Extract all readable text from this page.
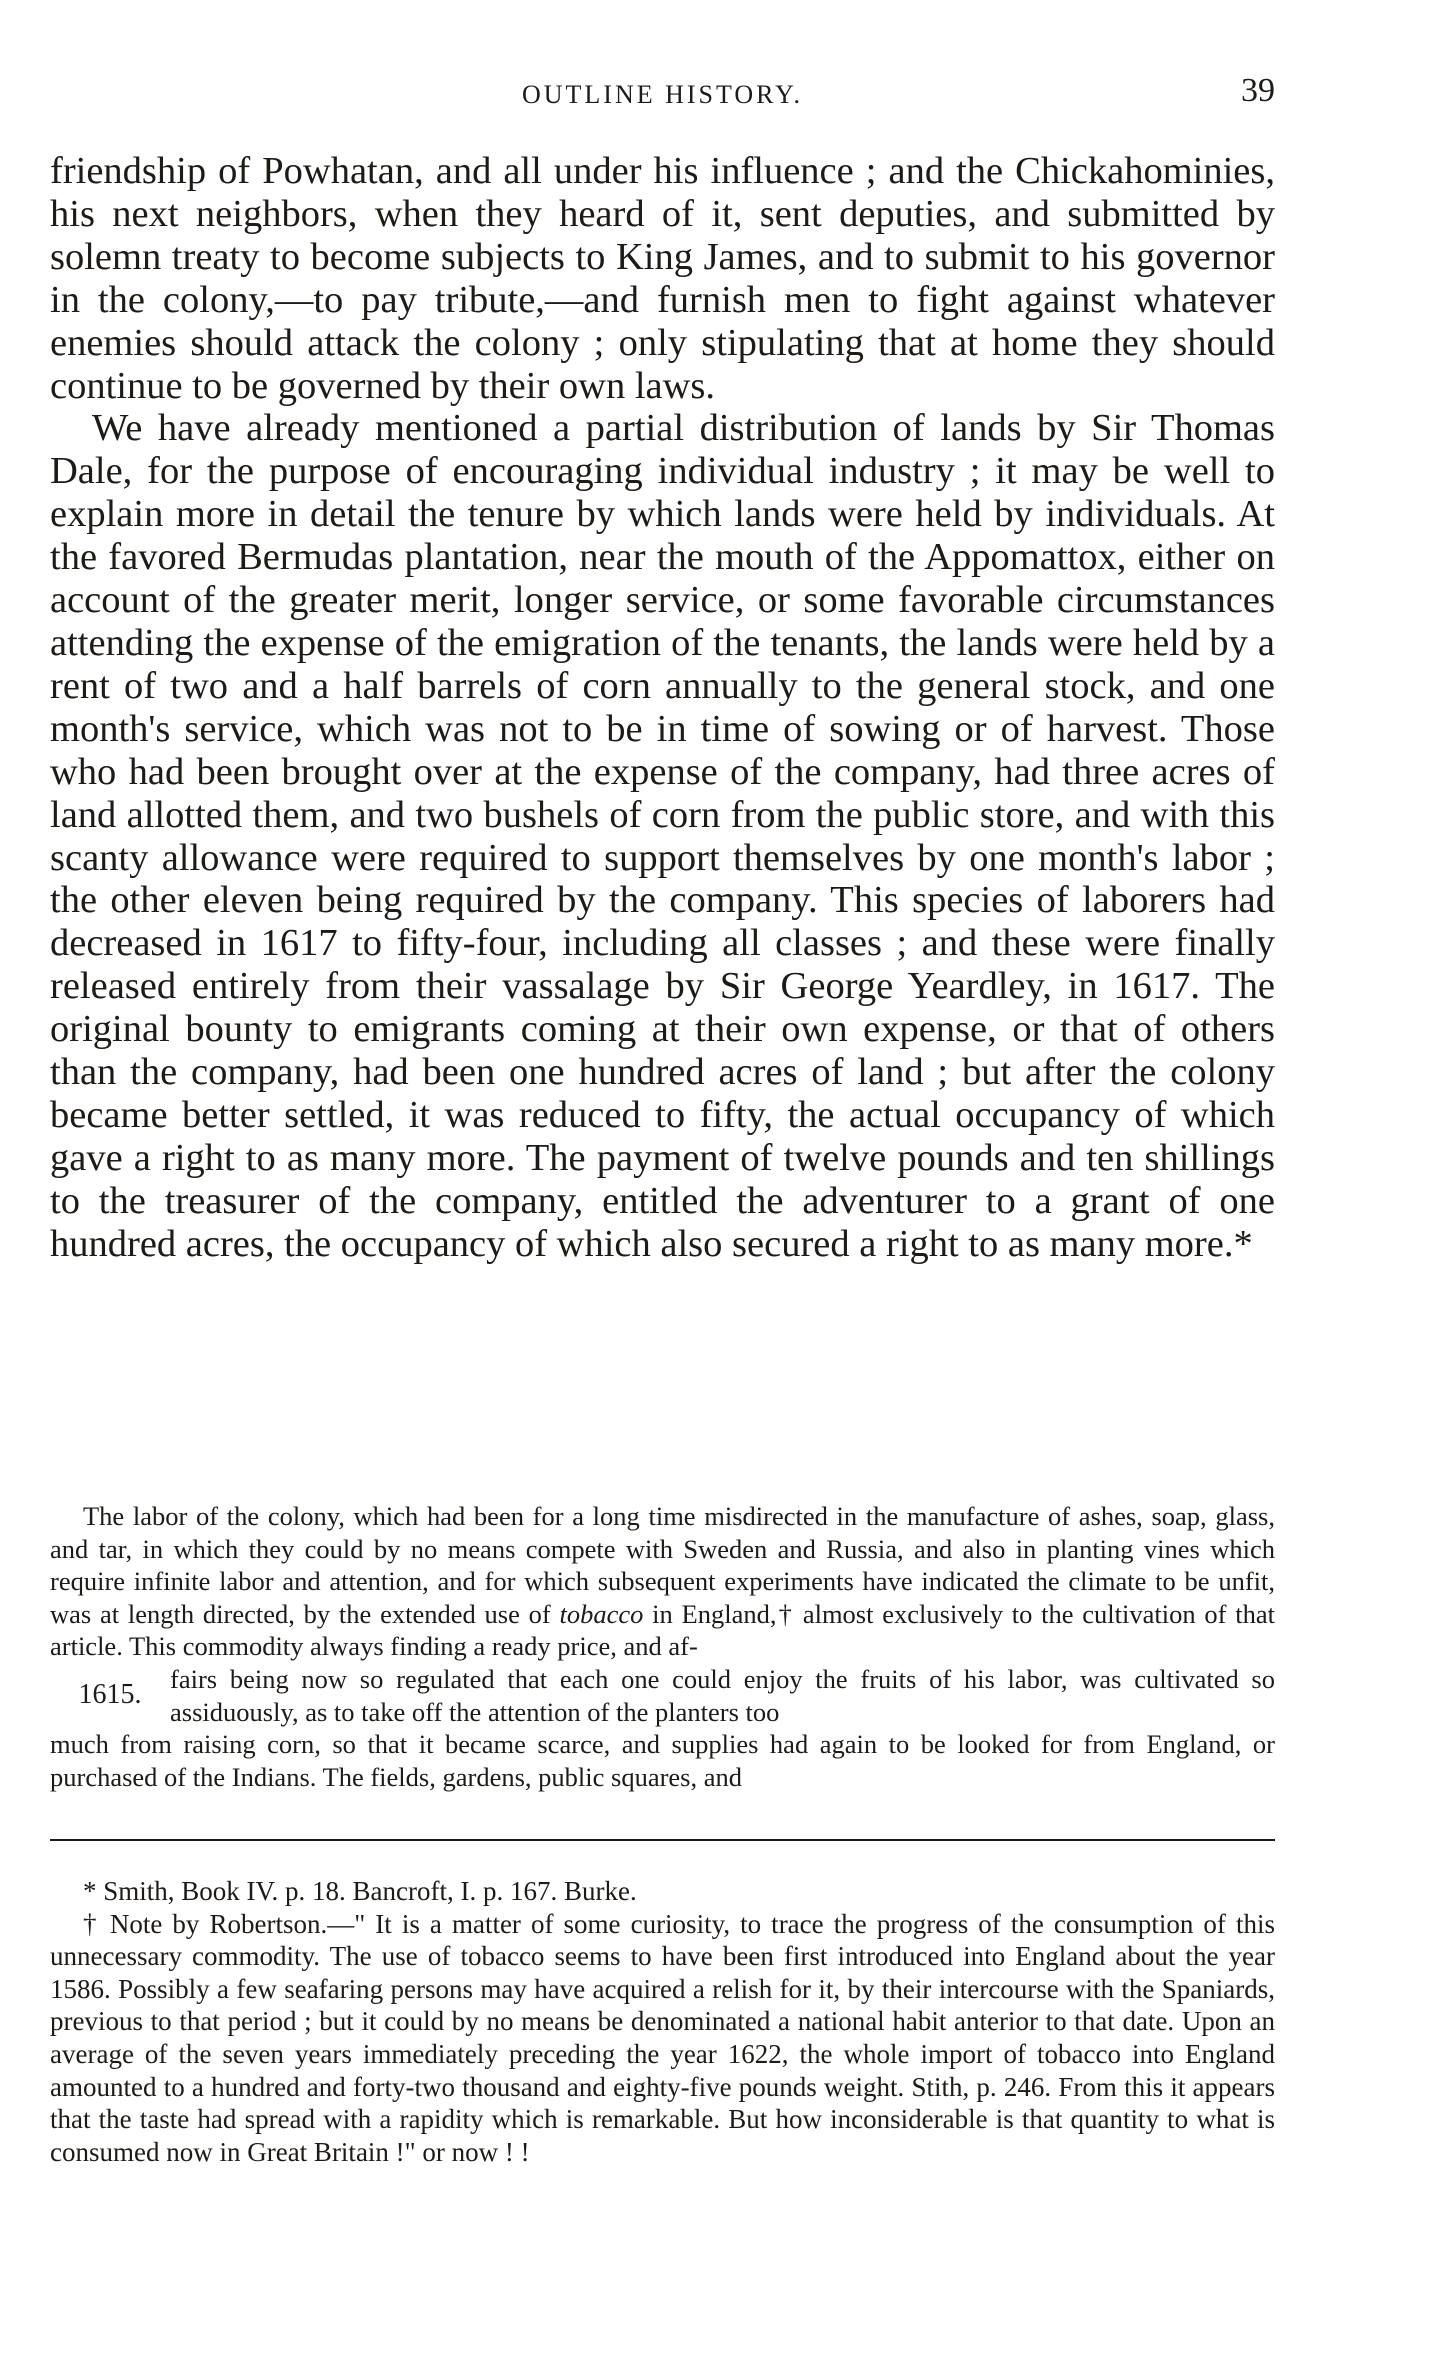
OUTLINE HISTORY.	39

friendship of Powhatan, and all under his influence ; and the Chickahominies, his next neighbors, when they heard of it, sent deputies, and submitted by solemn treaty to become subjects to King James, and to submit to his governor in the colony,—to pay tribute,—and furnish men to fight against whatever enemies should attack the colony ; only stipulating that at home they should continue to be governed by their own laws.

We have already mentioned a partial distribution of lands by Sir Thomas Dale, for the purpose of encouraging individual industry ; it may be well to explain more in detail the tenure by which lands were held by individuals. At the favored Bermudas plantation, near the mouth of the Appomattox, either on account of the greater merit, longer service, or some favorable circumstances attending the expense of the emigration of the tenants, the lands were held by a rent of two and a half barrels of corn annually to the general stock, and one month's service, which was not to be in time of sowing or of harvest. Those who had been brought over at the expense of the company, had three acres of land allotted them, and two bushels of corn from the public store, and with this scanty allowance were required to support themselves by one month's labor ; the other eleven being required by the company. This species of laborers had decreased in 1617 to fifty-four, including all classes ; and these were finally released entirely from their vassalage by Sir George Yeardley, in 1617. The original bounty to emigrants coming at their own expense, or that of others than the company, had been one hundred acres of land ; but after the colony became better settled, it was reduced to fifty, the actual occupancy of which gave a right to as many more. The payment of twelve pounds and ten shillings to the treasurer of the company, entitled the adventurer to a grant of one hundred acres, the occupancy of which also secured a right to as many more.*

The labor of the colony, which had been for a long time misdirected in the manufacture of ashes, soap, glass, and tar, in which they could by no means compete with Sweden and Russia, and also in planting vines which require infinite labor and attention, and for which subsequent experiments have indicated the climate to be unfit, was at length directed, by the extended use of tobacco in England,† almost exclusively to the cultivation of that article. This commodity always finding a ready price, and af-

1615.
fairs being now so regulated that each one could enjoy the fruits of his labor, was cultivated so assiduously, as to take off the attention of the planters too

much from raising corn, so that it became scarce, and supplies had again to be looked for from England, or purchased of the Indians. The fields, gardens, public squares, and

* Smith, Book IV. p. 18. Bancroft, I. p. 167. Burke.

† Note by Robertson.—" It is a matter of some curiosity, to trace the progress of the consumption of this unnecessary commodity. The use of tobacco seems to have been first introduced into England about the year 1586. Possibly a few seafaring persons may have acquired a relish for it, by their intercourse with the Spaniards, previous to that period ; but it could by no means be denominated a national habit anterior to that date. Upon an average of the seven years immediately preceding the year 1622, the whole import of tobacco into England amounted to a hundred and forty-two thousand and eighty-five pounds weight. Stith, p. 246. From this it appears that the taste had spread with a rapidity which is remarkable. But how inconsiderable is that quantity to what is consumed now in Great Britain !" or now ! !
